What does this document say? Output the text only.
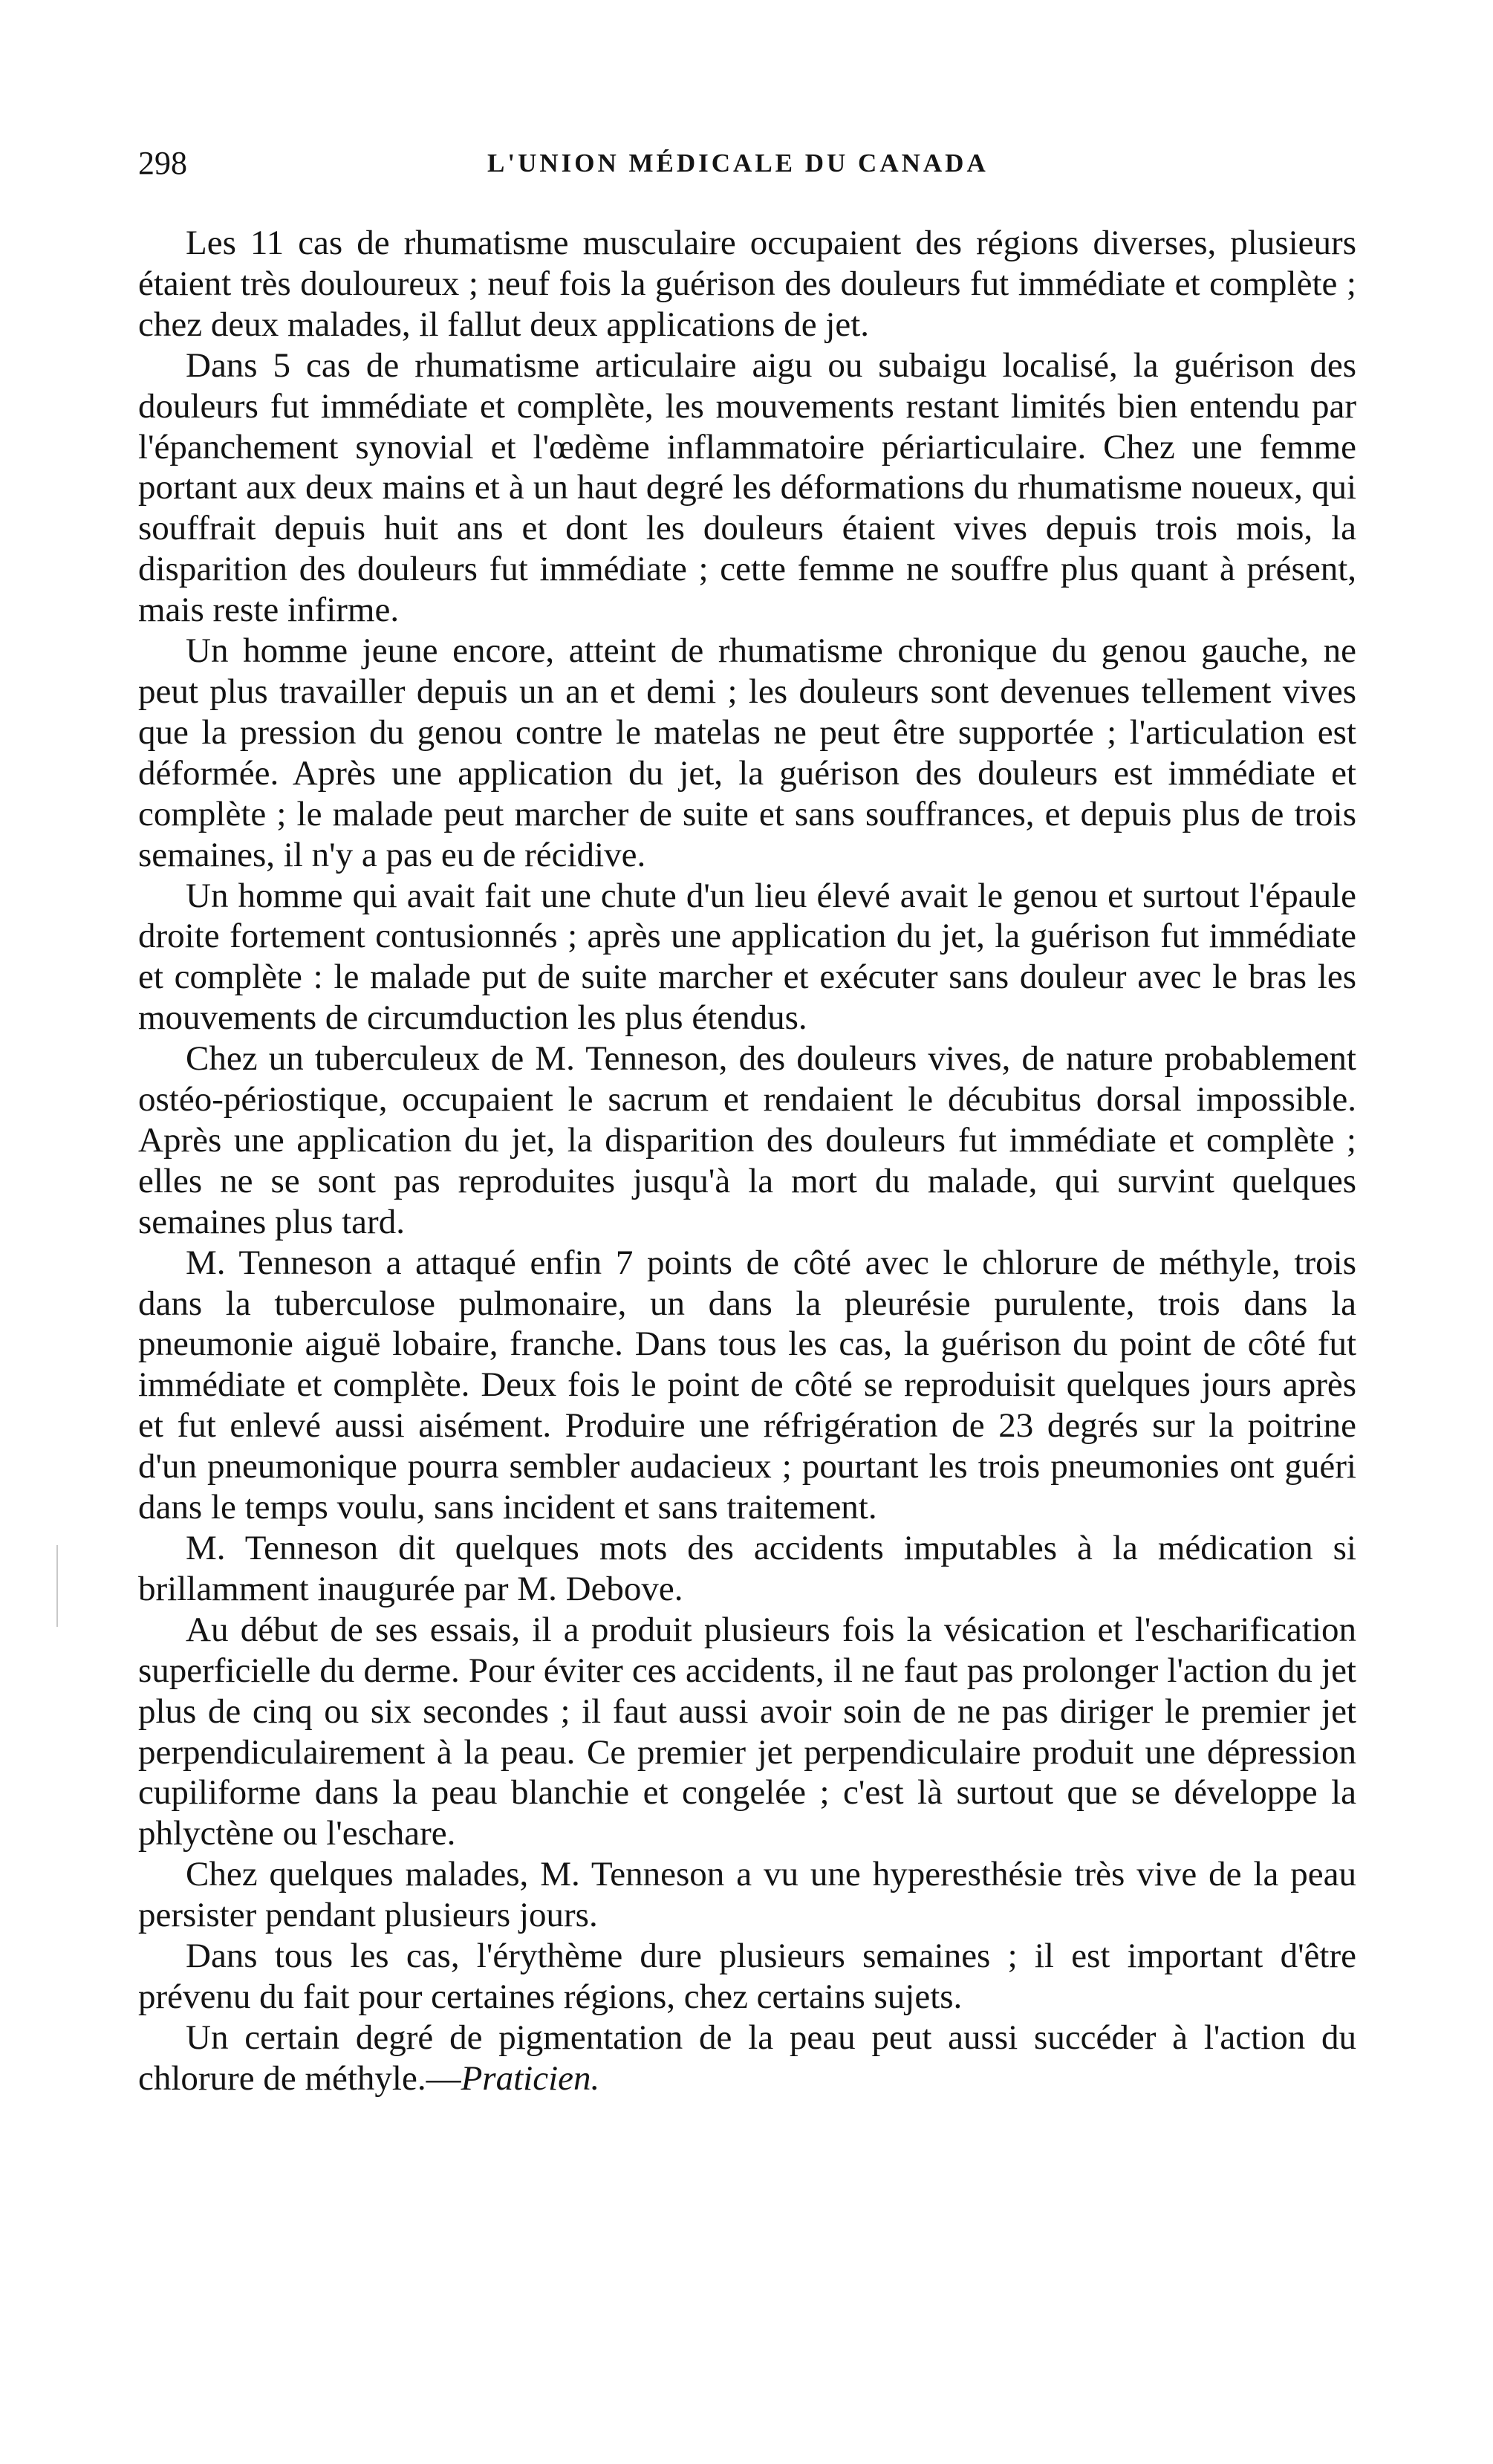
298	L'UNION MÉDICALE DU CANADA

Les 11 cas de rhumatisme musculaire occupaient des régions diverses, plusieurs étaient très douloureux ; neuf fois la guérison des douleurs fut immédiate et complète ; chez deux malades, il fallut deux applications de jet.

Dans 5 cas de rhumatisme articulaire aigu ou subaigu localisé, la guérison des douleurs fut immédiate et complète, les mouvements restant limités bien entendu par l'épanchement synovial et l'œdème inflammatoire périarticulaire. Chez une femme portant aux deux mains et à un haut degré les déformations du rhumatisme noueux, qui souffrait depuis huit ans et dont les douleurs étaient vives depuis trois mois, la disparition des douleurs fut immédiate ; cette femme ne souffre plus quant à présent, mais reste infirme.

Un homme jeune encore, atteint de rhumatisme chronique du genou gauche, ne peut plus travailler depuis un an et demi ; les douleurs sont devenues tellement vives que la pression du genou contre le matelas ne peut être supportée ; l'articulation est déformée. Après une application du jet, la guérison des douleurs est immédiate et complète ; le malade peut marcher de suite et sans souffrances, et depuis plus de trois semaines, il n'y a pas eu de récidive.

Un homme qui avait fait une chute d'un lieu élevé avait le genou et surtout l'épaule droite fortement contusionnés ; après une application du jet, la guérison fut immédiate et complète : le malade put de suite marcher et exécuter sans douleur avec le bras les mouvements de circumduction les plus étendus.

Chez un tuberculeux de M. Tenneson, des douleurs vives, de nature probablement ostéo-périostique, occupaient le sacrum et rendaient le décubitus dorsal impossible. Après une application du jet, la disparition des douleurs fut immédiate et complète ; elles ne se sont pas reproduites jusqu'à la mort du malade, qui survint quelques semaines plus tard.

M. Tenneson a attaqué enfin 7 points de côté avec le chlorure de méthyle, trois dans la tuberculose pulmonaire, un dans la pleurésie purulente, trois dans la pneumonie aiguë lobaire, franche. Dans tous les cas, la guérison du point de côté fut immédiate et complète. Deux fois le point de côté se reproduisit quelques jours après et fut enlevé aussi aisément. Produire une réfrigération de 23 degrés sur la poitrine d'un pneumonique pourra sembler audacieux ; pourtant les trois pneumonies ont guéri dans le temps voulu, sans incident et sans traitement.

M. Tenneson dit quelques mots des accidents imputables à la médication si brillamment inaugurée par M. Debove.

Au début de ses essais, il a produit plusieurs fois la vésication et l'escharification superficielle du derme. Pour éviter ces accidents, il ne faut pas prolonger l'action du jet plus de cinq ou six secondes ; il faut aussi avoir soin de ne pas diriger le premier jet perpendiculairement à la peau. Ce premier jet perpendiculaire produit une dépression cupiliforme dans la peau blanchie et congelée ; c'est là surtout que se développe la phlyctène ou l'eschare.

Chez quelques malades, M. Tenneson a vu une hyperesthésie très vive de la peau persister pendant plusieurs jours.

Dans tous les cas, l'érythème dure plusieurs semaines ; il est important d'être prévenu du fait pour certaines régions, chez certains sujets.

Un certain degré de pigmentation de la peau peut aussi succéder à l'action du chlorure de méthyle.—Praticien.
